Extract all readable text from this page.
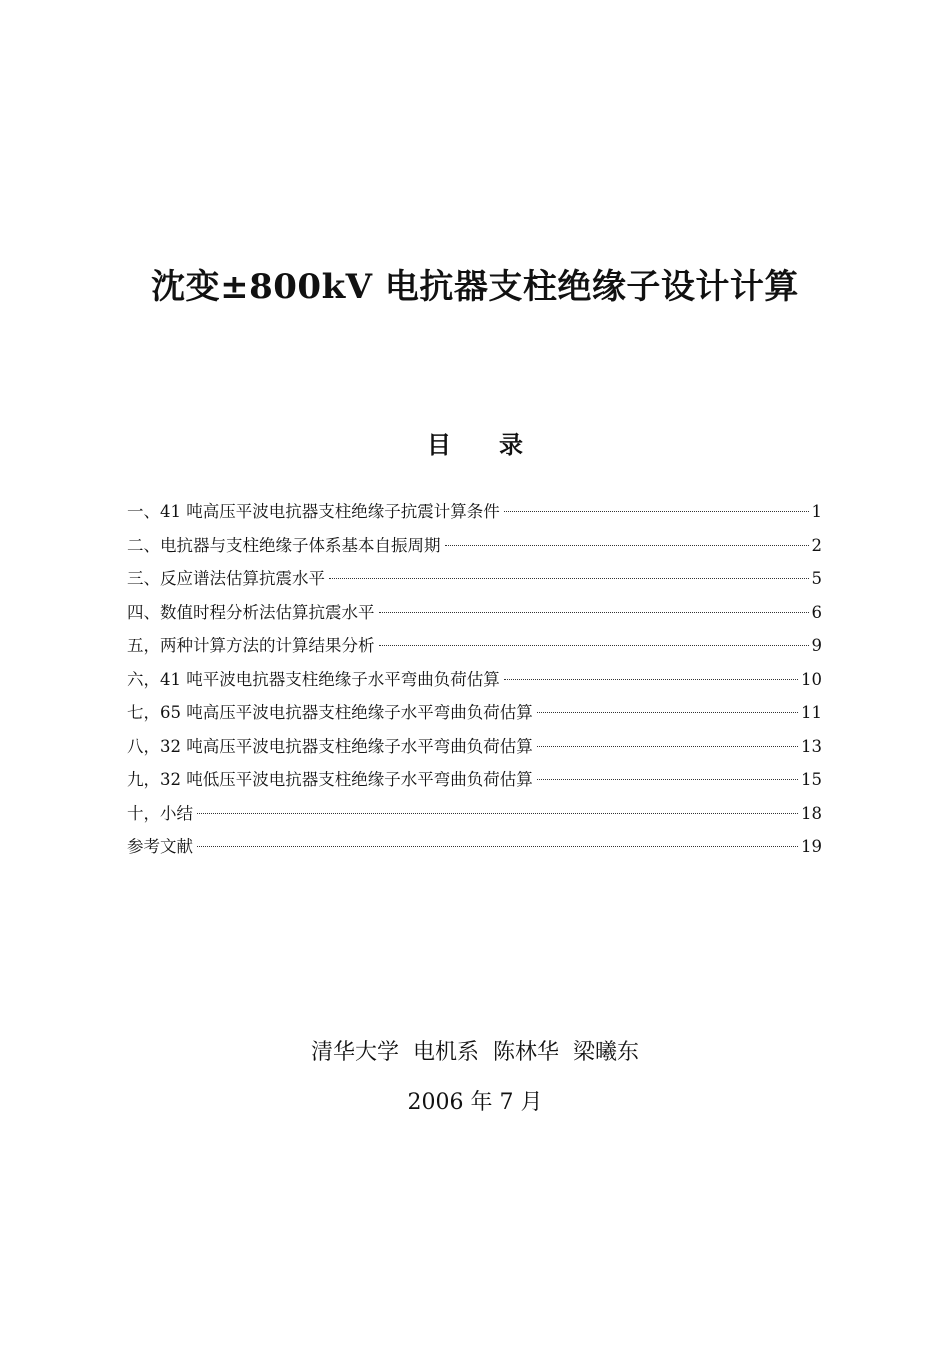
沈变±800kV 电抗器支柱绝缘子设计计算
目　　录
一、41 吨高压平波电抗器支柱绝缘子抗震计算条件	1
二、电抗器与支柱绝缘子体系基本自振周期	2
三、反应谱法估算抗震水平	5
四、数值时程分析法估算抗震水平	6
五，两种计算方法的计算结果分析	9
六，41 吨平波电抗器支柱绝缘子水平弯曲负荷估算	10
七，65 吨高压平波电抗器支柱绝缘子水平弯曲负荷估算	11
八，32 吨高压平波电抗器支柱绝缘子水平弯曲负荷估算	13
九，32 吨低压平波电抗器支柱绝缘子水平弯曲负荷估算	15
十，小结	18
参考文献	19
清华大学  电机系  陈林华  梁曦东
2006 年 7 月
